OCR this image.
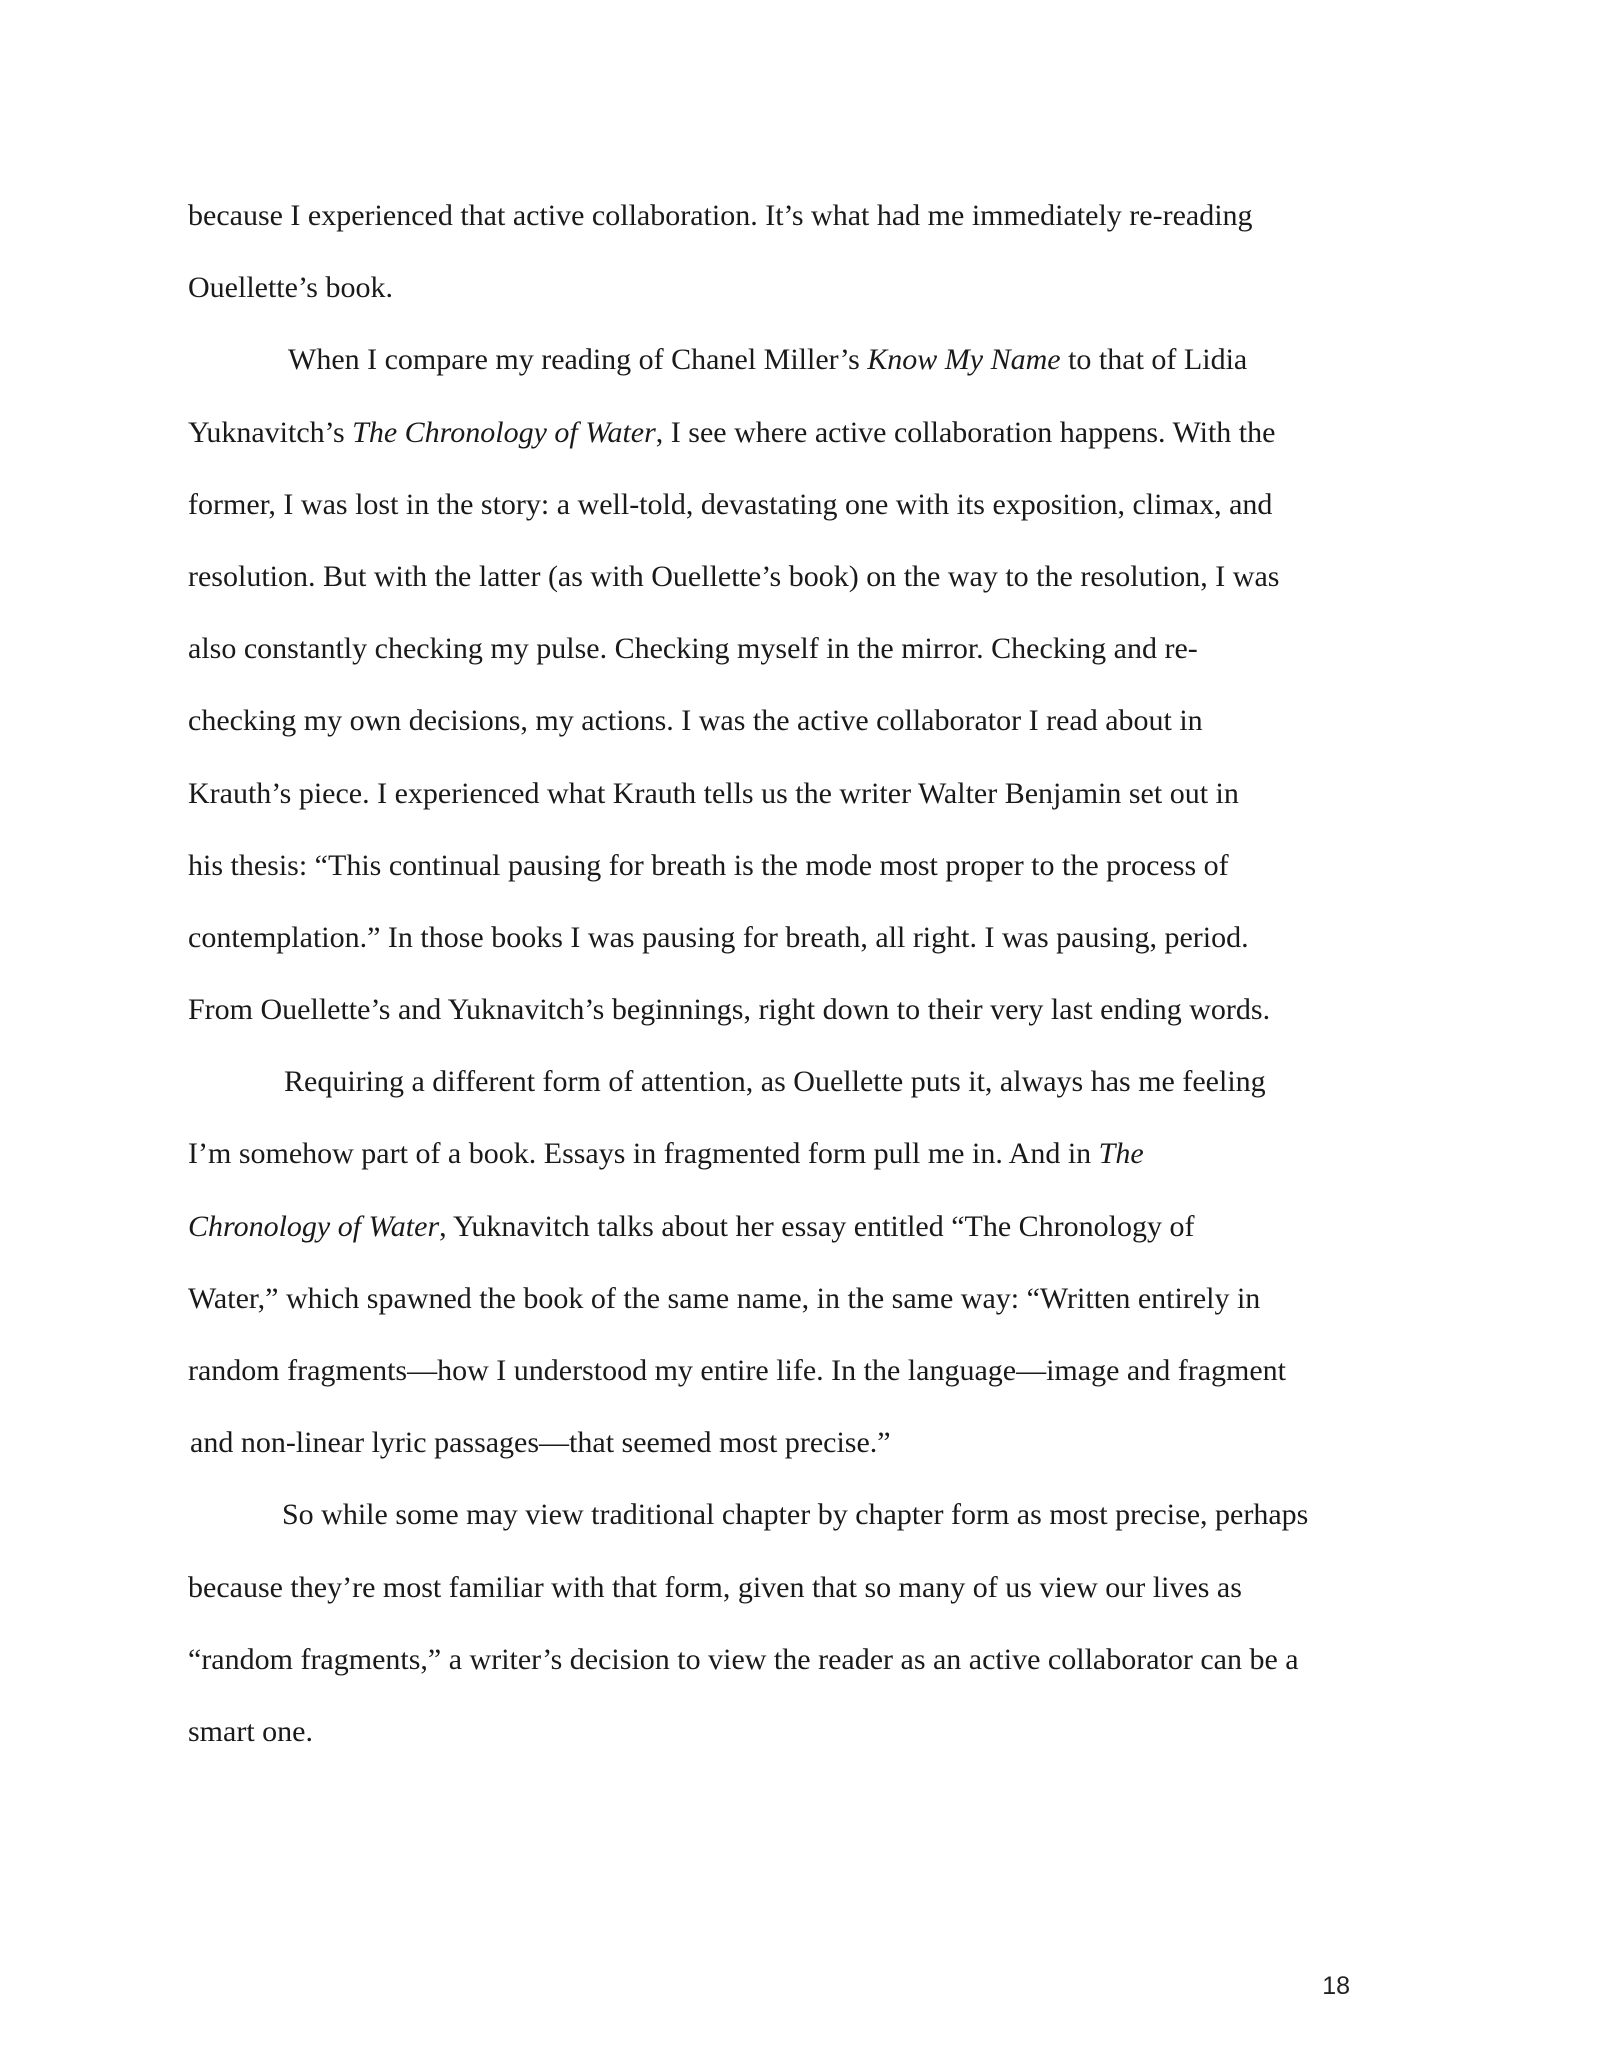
because I experienced that active collaboration. It’s what had me immediately re-reading
Ouellette’s book.
When I compare my reading of Chanel Miller’s Know My Name to that of Lidia
Yuknavitch’s The Chronology of Water, I see where active collaboration happens. With the
former, I was lost in the story: a well-told, devastating one with its exposition, climax, and
resolution. But with the latter (as with Ouellette’s book) on the way to the resolution, I was
also constantly checking my pulse. Checking myself in the mirror. Checking and re-
checking my own decisions, my actions. I was the active collaborator I read about in
Krauth’s piece. I experienced what Krauth tells us the writer Walter Benjamin set out in
his thesis: “This continual pausing for breath is the mode most proper to the process of
contemplation.” In those books I was pausing for breath, all right. I was pausing, period.
From Ouellette’s and Yuknavitch’s beginnings, right down to their very last ending words.
Requiring a different form of attention, as Ouellette puts it, always has me feeling
I’m somehow part of a book. Essays in fragmented form pull me in. And in The
Chronology of Water, Yuknavitch talks about her essay entitled “The Chronology of
Water,” which spawned the book of the same name, in the same way: “Written entirely in
random fragments—how I understood my entire life. In the language—image and fragment
and non-linear lyric passages—that seemed most precise.”
So while some may view traditional chapter by chapter form as most precise, perhaps
because they’re most familiar with that form, given that so many of us view our lives as
“random fragments,” a writer’s decision to view the reader as an active collaborator can be a
smart one.
18
